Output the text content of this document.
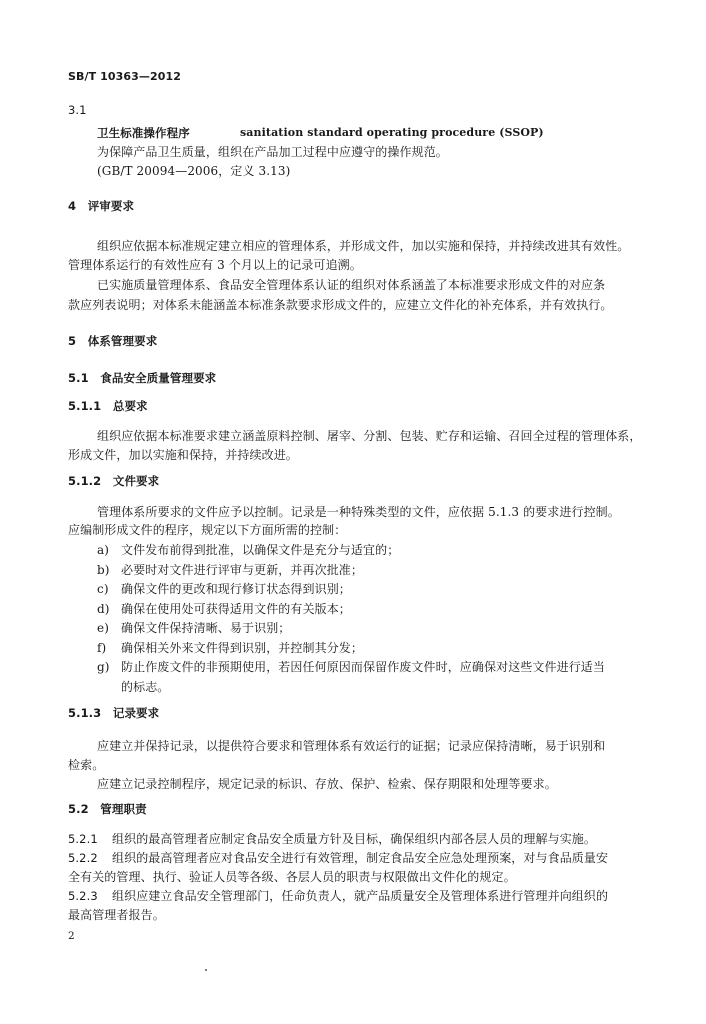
SB/T 10363—2012
3.1
卫生标准操作程序	sanitation standard operating procedure (SSOP)
为保障产品卫生质量，组织在产品加工过程中应遵守的操作规范。
(GB/T 20094—2006，定义 3.13)
4　评审要求
组织应依据本标准规定建立相应的管理体系，并形成文件，加以实施和保持，并持续改进其有效性。
管理体系运行的有效性应有 3 个月以上的记录可追溯。
已实施质量管理体系、食品安全管理体系认证的组织对体系涵盖了本标准要求形成文件的对应条
款应列表说明；对体系未能涵盖本标准条款要求形成文件的，应建立文件化的补充体系，并有效执行。
5　体系管理要求
5.1　食品安全质量管理要求
5.1.1　总要求
组织应依据本标准要求建立涵盖原料控制、屠宰、分割、包装、贮存和运输、召回全过程的管理体系，
形成文件，加以实施和保持，并持续改进。
5.1.2　文件要求
管理体系所要求的文件应予以控制。记录是一种特殊类型的文件，应依据 5.1.3 的要求进行控制。
应编制形成文件的程序，规定以下方面所需的控制：
a) 文件发布前得到批准，以确保文件是充分与适宜的；
b) 必要时对文件进行评审与更新，并再次批准；
c) 确保文件的更改和现行修订状态得到识别；
d) 确保在使用处可获得适用文件的有关版本；
e) 确保文件保持清晰、易于识别；
f) 确保相关外来文件得到识别，并控制其分发；
g) 防止作废文件的非预期使用，若因任何原因而保留作废文件时，应确保对这些文件进行适当
的标志。
5.1.3　记录要求
应建立并保持记录，以提供符合要求和管理体系有效运行的证据；记录应保持清晰，易于识别和
检索。
应建立记录控制程序，规定记录的标识、存放、保护、检索、保存期限和处理等要求。
5.2　管理职责
5.2.1 组织的最高管理者应制定食品安全质量方针及目标，确保组织内部各层人员的理解与实施。
5.2.2 组织的最高管理者应对食品安全进行有效管理，制定食品安全应急处理预案，对与食品质量安
全有关的管理、执行、验证人员等各级、各层人员的职责与权限做出文件化的规定。
5.2.3 组织应建立食品安全管理部门，任命负责人，就产品质量安全及管理体系进行管理并向组织的
最高管理者报告。
2
